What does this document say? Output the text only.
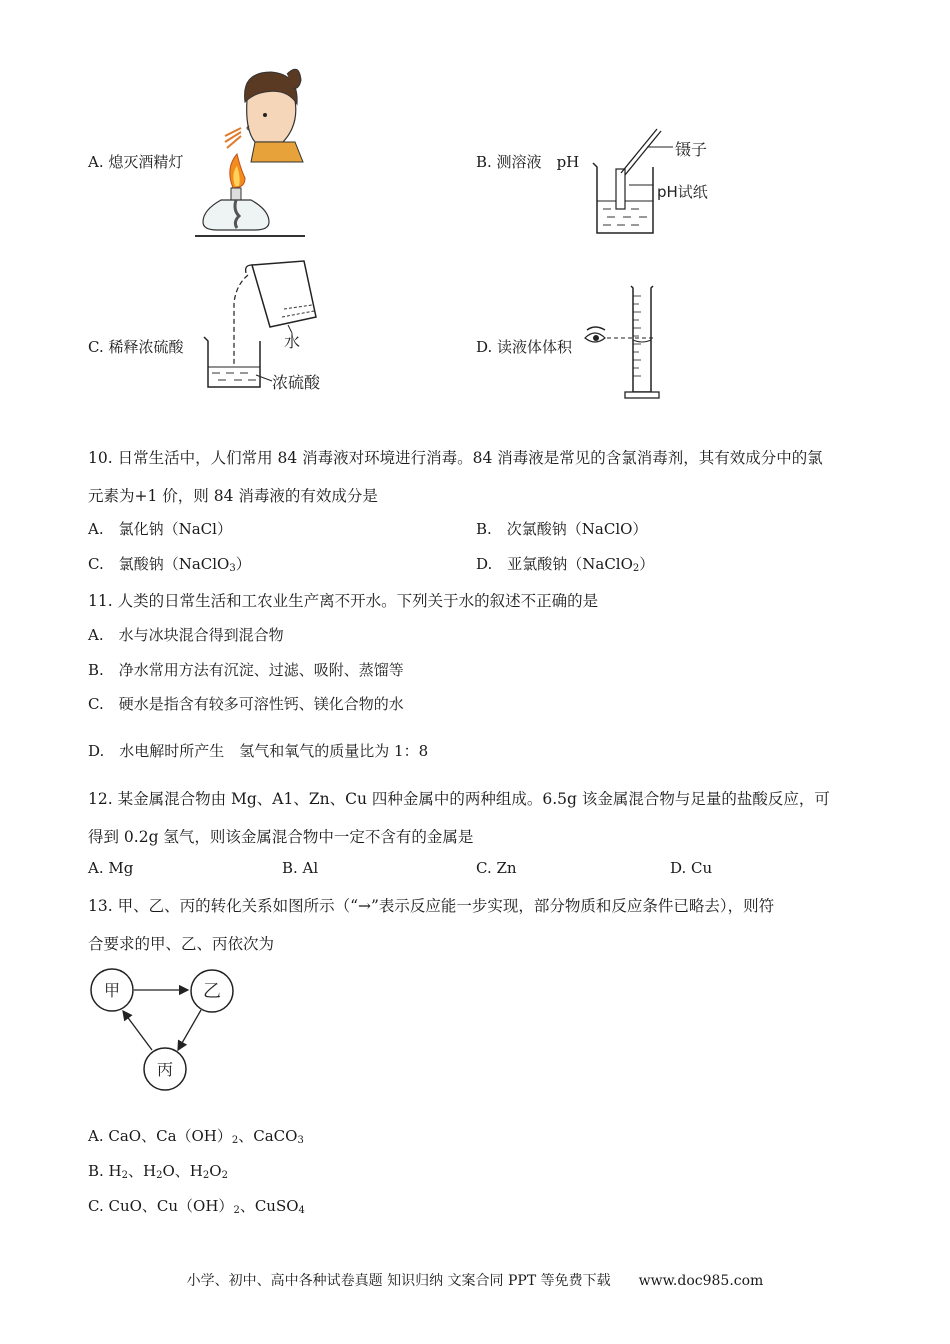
A. 熄灭酒精灯	B. 测溶液　 pH
镊子
pH试纸
C. 稀释浓硫酸	水
浓硫酸
D. 读液体体积
10. 日常生活中，人们常用 84 消毒液对环境进行消毒。84 消毒液是常见的含氯消毒剂，其有效成分中的氯
元素为+1 价，则 84 消毒液的有效成分是
A.　氯化钠（NaCl）	B.　次氯酸钠（NaClO）
C.　氯酸钠（NaClO$_3$）	D.　亚氯酸钠（NaClO$_2$）
11. 人类的日常生活和工农业生产离不开水。下列关于水的叙述不正确的是
A.　水与冰块混合得到混合物
B.　净水常用方法有沉淀、过滤、吸附、蒸馏等
C.　硬水是指含有较多可溶性钙、镁化合物的水
D.　水电解时所产生　氢气和氧气的质量比为 1：8
12. 某金属混合物由 Mg、A1、Zn、Cu 四种金属中的两种组成。6.5g 该金属混合物与足量的盐酸反应，可
得到 0.2g 氢气，则该金属混合物中一定不含有的金属是
A. Mg	B. Al	C. Zn	D. Cu
13. 甲、乙、丙的转化关系如图所示（“→”表示反应能一步实现，部分物质和反应条件已略去），则符
合要求的甲、乙、丙依次为
甲	乙
丙
A. CaO、$Ca(OH)_2$、CaCO$_3$
B. $H_2$、$H_2O$、$H_2O_2$
C. CuO、$Cu(OH)_2$、CuSO$_4$
小学、初中、高中各种试卷真题 知识归纳 文案合同 PPT 等免费下载　　www.doc985.com
